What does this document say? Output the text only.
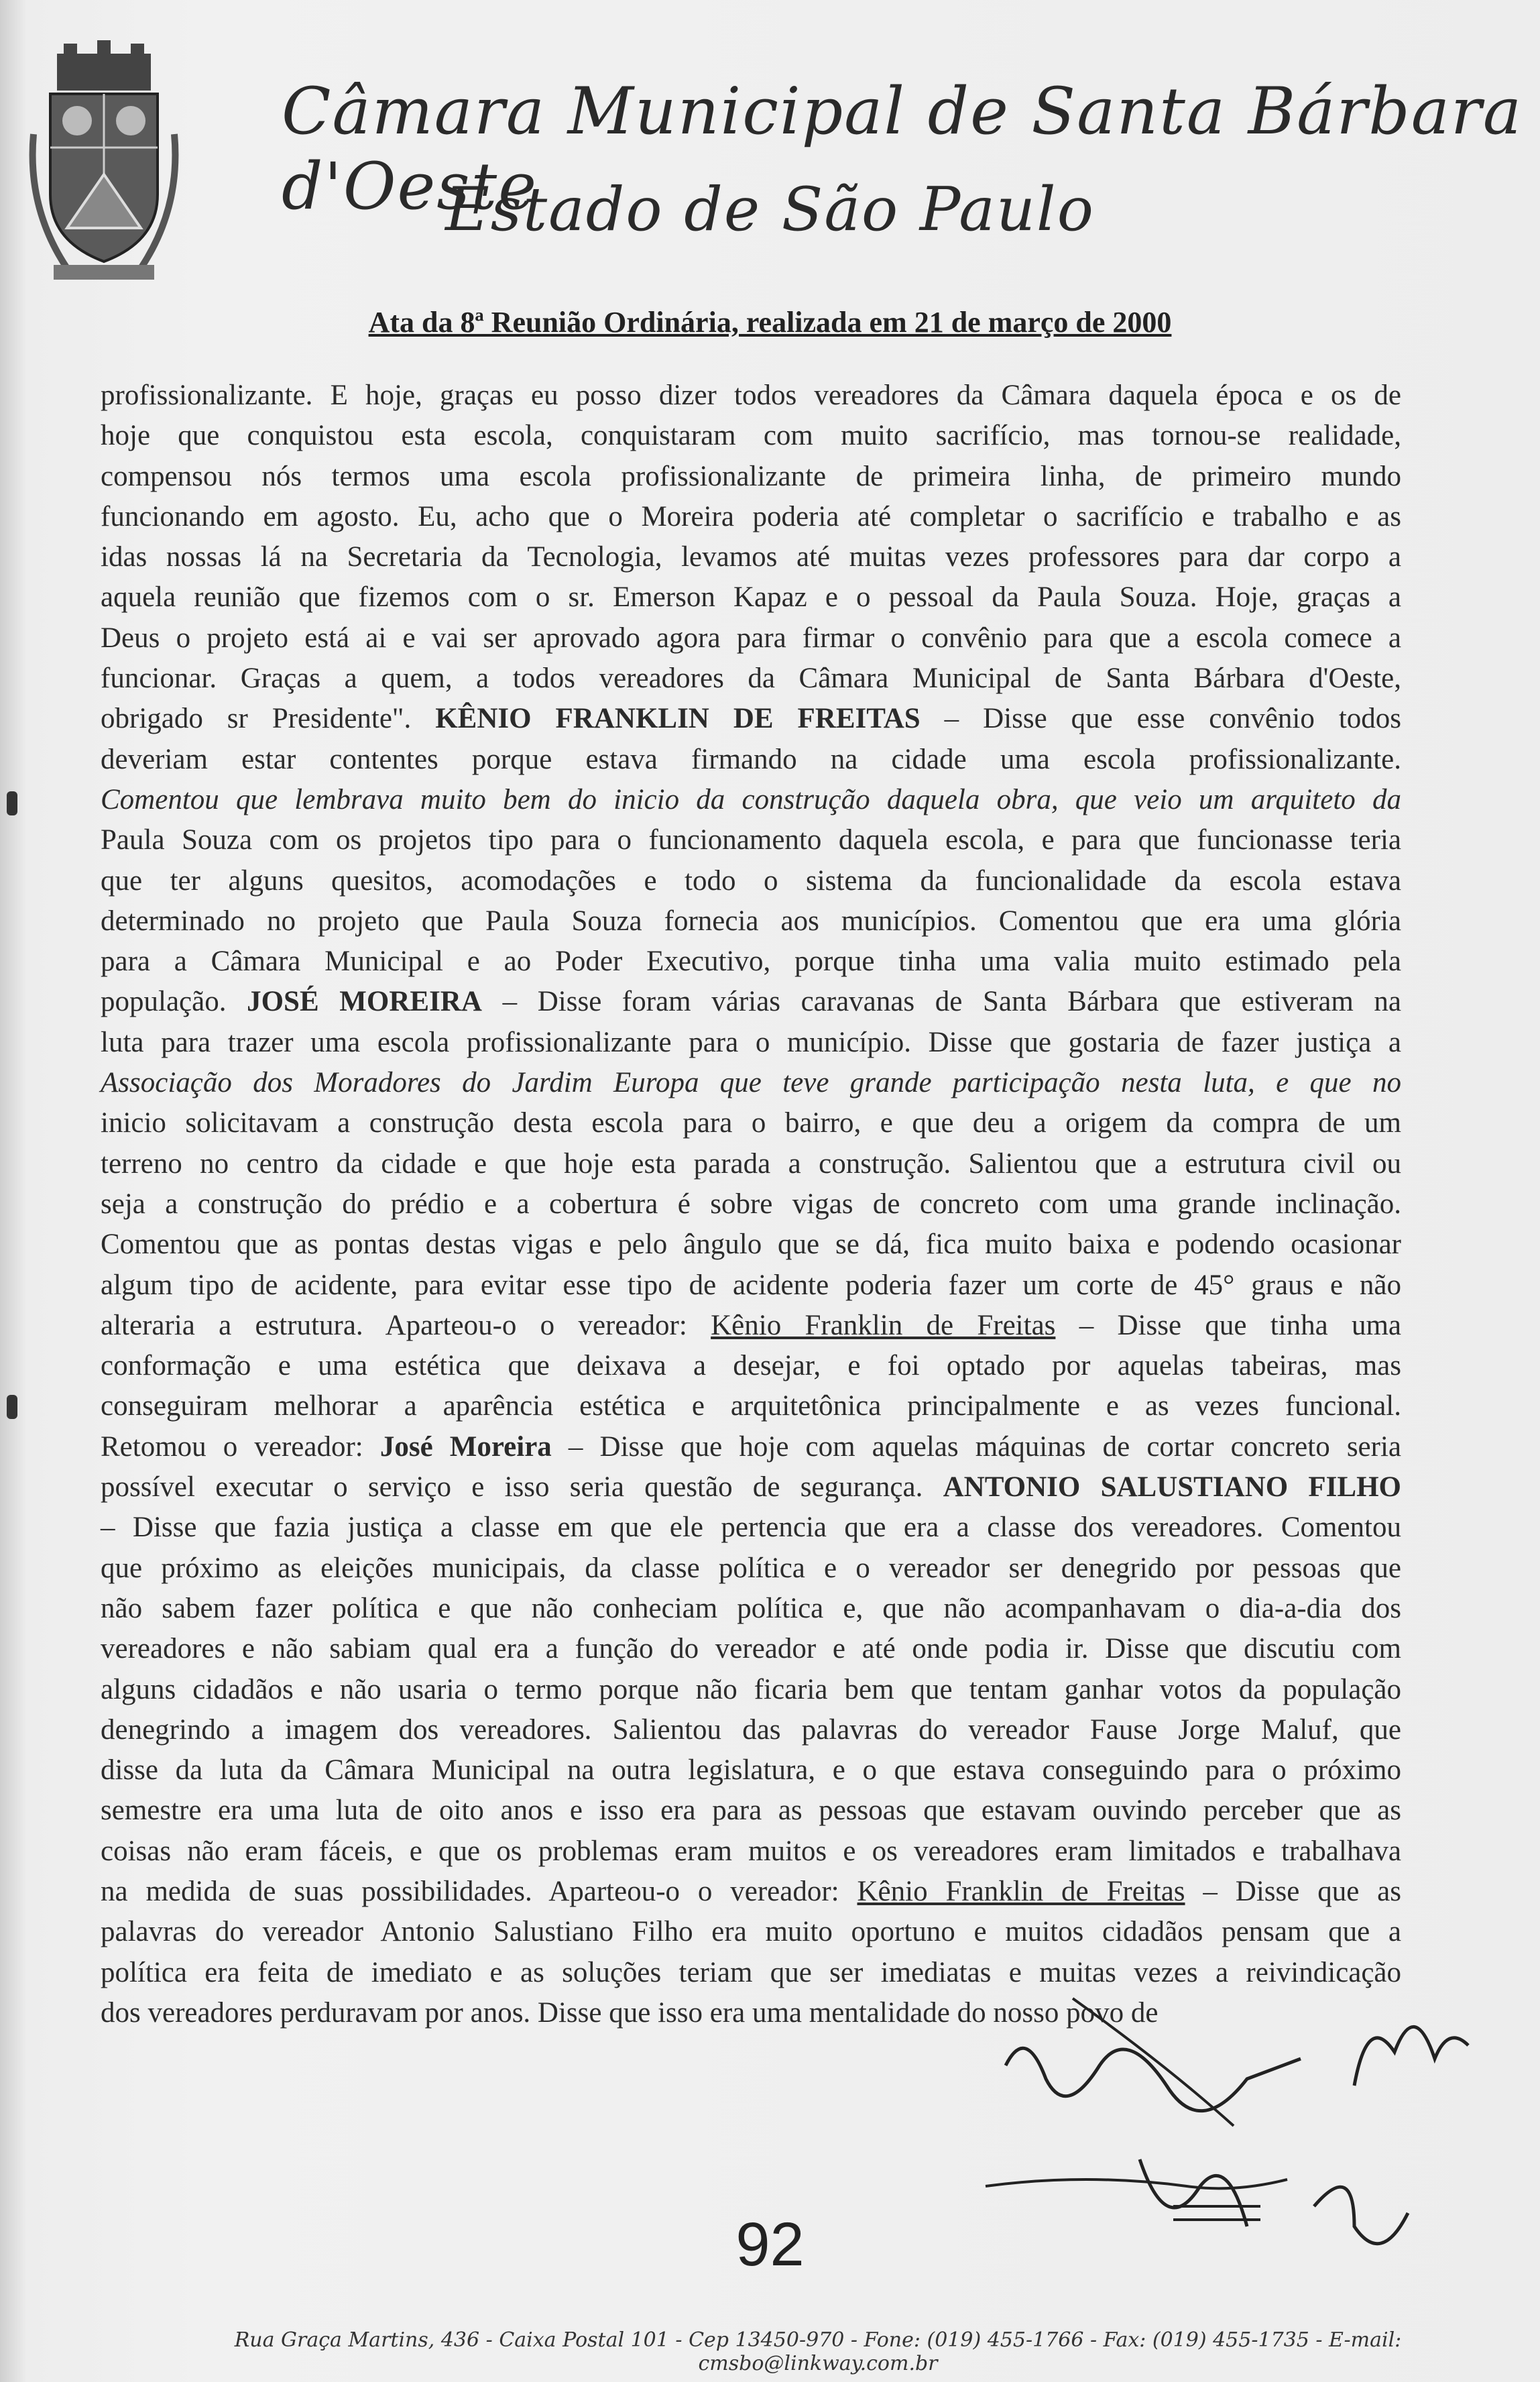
Câmara Municipal de Santa Bárbara d'Oeste
Estado de São Paulo
Ata da 8ª Reunião Ordinária, realizada em 21 de março de 2000
profissionalizante. E hoje, graças eu posso dizer todos vereadores da Câmara daquela época e os de
hoje que conquistou esta escola, conquistaram com muito sacrifício, mas tornou-se realidade,
compensou nós termos uma escola profissionalizante de primeira linha, de primeiro mundo
funcionando em agosto. Eu, acho que o Moreira poderia até completar o sacrifício e trabalho e as
idas nossas lá na Secretaria da Tecnologia, levamos até muitas vezes professores para dar corpo a
aquela reunião que fizemos com o sr. Emerson Kapaz e o pessoal da Paula Souza. Hoje, graças a
Deus o projeto está ai e vai ser aprovado agora para firmar o convênio para que a escola comece a
funcionar. Graças a quem, a todos vereadores da Câmara Municipal de Santa Bárbara d'Oeste,
obrigado sr Presidente". KÊNIO FRANKLIN DE FREITAS – Disse que esse convênio todos
deveriam estar contentes porque estava firmando na cidade uma escola profissionalizante.
Comentou que lembrava muito bem do inicio da construção daquela obra, que veio um arquiteto da
Paula Souza com os projetos tipo para o funcionamento daquela escola, e para que funcionasse teria
que ter alguns quesitos, acomodações e todo o sistema da funcionalidade da escola estava
determinado no projeto que Paula Souza fornecia aos municípios. Comentou que era uma glória
para a Câmara Municipal e ao Poder Executivo, porque tinha uma valia muito estimado pela
população. JOSÉ MOREIRA – Disse foram várias caravanas de Santa Bárbara que estiveram na
luta para trazer uma escola profissionalizante para o município. Disse que gostaria de fazer justiça a
Associação dos Moradores do Jardim Europa que teve grande participação nesta luta, e que no
inicio solicitavam a construção desta escola para o bairro, e que deu a origem da compra de um
terreno no centro da cidade e que hoje esta parada a construção. Salientou que a estrutura civil ou
seja a construção do prédio e a cobertura é sobre vigas de concreto com uma grande inclinação.
Comentou que as pontas destas vigas e pelo ângulo que se dá, fica muito baixa e podendo ocasionar
algum tipo de acidente, para evitar esse tipo de acidente poderia fazer um corte de 45° graus e não
alteraria a estrutura. Aparteou-o o vereador: Kênio Franklin de Freitas – Disse que tinha uma
conformação e uma estética que deixava a desejar, e foi optado por aquelas tabeiras, mas
conseguiram melhorar a aparência estética e arquitetônica principalmente e as vezes funcional.
Retomou o vereador: José Moreira – Disse que hoje com aquelas máquinas de cortar concreto seria
possível executar o serviço e isso seria questão de segurança. ANTONIO SALUSTIANO FILHO
– Disse que fazia justiça a classe em que ele pertencia que era a classe dos vereadores. Comentou
que próximo as eleições municipais, da classe política e o vereador ser denegrido por pessoas que
não sabem fazer política e que não conheciam política e, que não acompanhavam o dia-a-dia dos
vereadores e não sabiam qual era a função do vereador e até onde podia ir. Disse que discutiu com
alguns cidadãos e não usaria o termo porque não ficaria bem que tentam ganhar votos da população
denegrindo a imagem dos vereadores. Salientou das palavras do vereador Fause Jorge Maluf, que
disse da luta da Câmara Municipal na outra legislatura, e o que estava conseguindo para o próximo
semestre era uma luta de oito anos e isso era para as pessoas que estavam ouvindo perceber que as
coisas não eram fáceis, e que os problemas eram muitos e os vereadores eram limitados e trabalhava
na medida de suas possibilidades. Aparteou-o o vereador: Kênio Franklin de Freitas – Disse que as
palavras do vereador Antonio Salustiano Filho era muito oportuno e muitos cidadãos pensam que a
política era feita de imediato e as soluções teriam que ser imediatas e muitas vezes a reivindicação
dos vereadores perduravam por anos. Disse que isso era uma mentalidade do nosso povo de
92
Rua Graça Martins, 436 - Caixa Postal 101 - Cep 13450-970 - Fone: (019) 455-1766 - Fax: (019) 455-1735 - E-mail: cmsbo@linkway.com.br
